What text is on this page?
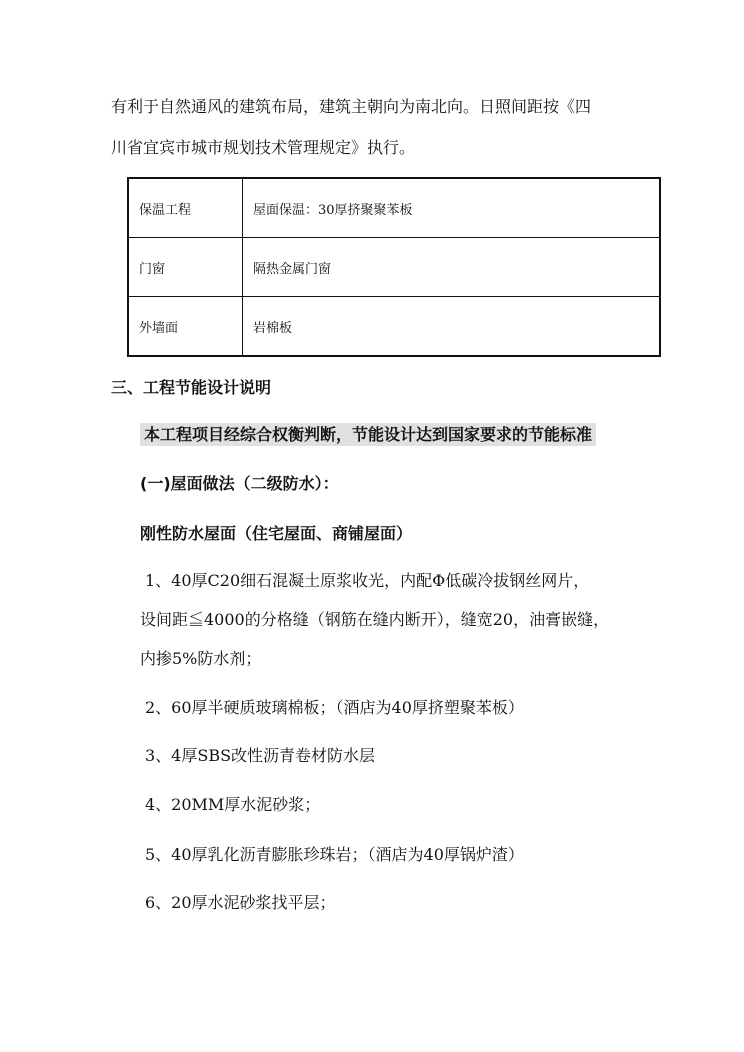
有利于自然通风的建筑布局，建筑主朝向为南北向。日照间距按《四
川省宜宾市城市规划技术管理规定》执行。
保温工程	屋面保温：30厚挤聚聚苯板
门窗	隔热金属门窗
外墙面	岩棉板
三、工程节能设计说明
本工程项目经综合权衡判断，节能设计达到国家要求的节能标准
(一)屋面做法（二级防水）：
刚性防水屋面（住宅屋面、商铺屋面）
1、40厚C20细石混凝土原浆收光，内配Φ低碳冷拔钢丝网片，
设间距≦4000的分格缝（钢筋在缝内断开），缝宽20，油膏嵌缝，
内掺5%防水剂；
2、60厚半硬质玻璃棉板；（酒店为40厚挤塑聚苯板）
3、4厚SBS改性沥青卷材防水层
4、20MM厚水泥砂浆；
5、40厚乳化沥青膨胀珍珠岩；（酒店为40厚锅炉渣）
6、20厚水泥砂浆找平层；
